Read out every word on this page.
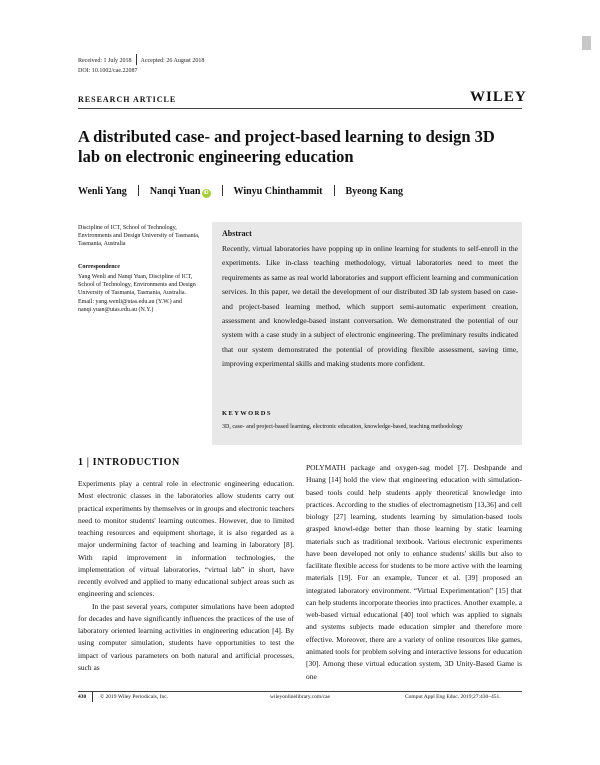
Received: 1 July 2018 Accepted: 26 August 2018
DOI: 10.1002/cae.22087
RESEARCH ARTICLE	WILEY
A distributed case- and project-based learning to design 3D lab on electronic engineering education
Wenli Yang Nanqi Yuan iD	Winyu Chinthammit Byeong Kang
Discipline of ICT, School of Technology, Environments and Design University of Tasmania, Tasmania, Australia
Correspondence
Yang Wenli and Nanqi Yuan, Discipline of ICT, School of Technology, Environments and Design University of Tasmania, Tasmania, Australia.
Email: yang.wenli@utas.edu.au (Y.W.) and nanqi.yuan@utas.edu.au (N.Y.)
Abstract
Recently, virtual laboratories have popping up in online learning for students to self-enroll in the experiments. Like in-class teaching methodology, virtual laboratories need to meet the requirements as same as real world laboratories and support efficient learning and communication services. In this paper, we detail the development of our distributed 3D lab system based on case-and project-based learning method, which support semi-automatic experiment creation, assessment and knowledge-based instant conversation. We demonstrated the potential of our system with a case study in a subject of electronic engineering. The preliminary results indicated that our system demonstrated the potential of providing flexible assessment, saving time, improving experimental skills and making students more confident.
KEYWORDS
3D, case- and project-based learning, electronic education, knowledge-based, teaching methodology
1 | INTRODUCTION

Experiments play a central role in electronic engineering education. Most electronic classes in the laboratories allow students carry out practical experiments by themselves or in groups and electronic teachers need to monitor students' learning outcomes. However, due to limited teaching resources and equipment shortage, it is also regarded as a major undermining factor of teaching and learning in laboratory [8]. With rapid improvement in information technologies, the implementation of virtual laboratories, “virtual lab” in short, have recently evolved and applied to many educational subject areas such as engineering and sciences.

In the past several years, computer simulations have been adopted for decades and have significantly influences the practices of the use of laboratory oriented learning activities in engineering education [4]. By using computer simulation, students have opportunities to test the impact of various parameters on both natural and artificial processes, such as

POLYMATH package and oxygen-sag model [7]. Deshpande and Huang [14] hold the view that engineering education with simulation-based tools could help students apply theoretical knowledge into practices. According to the studies of electromagnetism [13,36] and cell biology [27] learning, students learning by simulation-based tools grasped knowl-edge better than those learning by static learning materials such as traditional textbook. Various electronic experiments have been developed not only to enhance students' skills but also to facilitate flexible access for students to be more active with the learning materials [19]. For an example, Tuncer et al. [39] proposed an integrated laboratory environment. “Virtual Experimentation” [15] that can help students incorporate theories into practices. Another example, a web-based virtual educational [40] tool which was applied to signals and systems subjects made education simpler and therefore more effective. Moreover, there are a variety of online resources like games, animated tools for problem solving and interactive lessons for education [30]. Among these virtual education system, 3D Unity-Based Game is one

430	© 2019 Wiley Periodicals, Inc.	wileyonlinelibrary.com/cae	Comput Appl Eng Educ. 2019;27:430–451.
